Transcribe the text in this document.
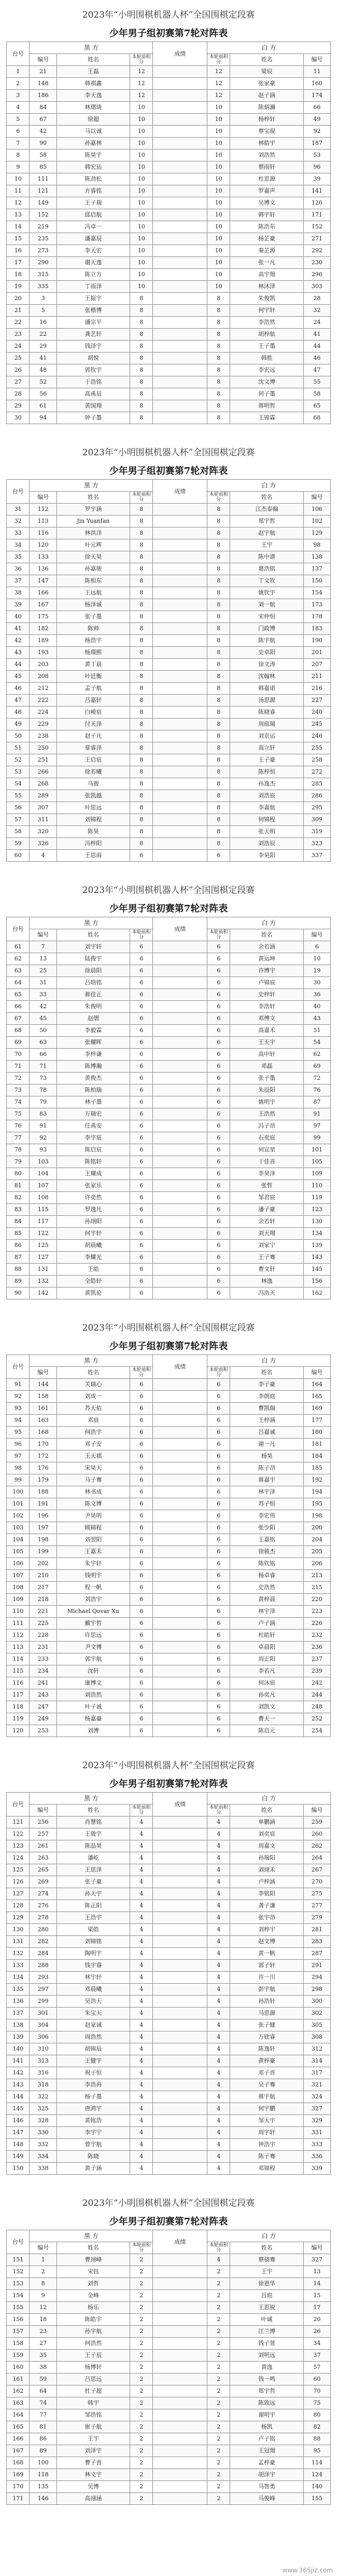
www.365jiz.com
2023年“小明围棋机器人杯”全国围棋定段赛
少年男子组初赛第7轮对阵表
台号	黑 方			成绩	白 方		
	编号	姓名	本轮前积分		本轮前积分	姓名	编号
1	21	王磊	12		12	梁辰	11
2	148	韩祺鑫	12		12	张家豪	160
3	186	李天逸	12		12	赵子涵	174
4	84	林熠琦	10		10	陈炳澜	66
5	67	徐超	10		10	杨梓轩	49
6	42	马以诚	10		10	蔡宝琨	92
7	90	孙嘉林	10		10	林皓宇	187
8	58	陈昊宇	10		10	刘浩然	53
9	85	韩宏运	10		10	蔡雨轩	96
10	111	陈劲松	10		10	杜思源	39
11	121	方睿铭	10		10	罗嘉声	141
12	149	王子瑞	10		10	吴博文	126
13	152	邱启航	10		10	韩宇轩	171
14	219	冯卓一	10		10	陈浩东	152
15	235	潘嘉辰	10		10	杨芷豪	271
16	273	李天宏	10		10	秦芷源	292
17	290	谢天逸	10		10	张一凡	230
18	315	陈立方	10		10	高宇翔	296
19	335	丁雨泽	10		10	林沐泽	303
20	3	王振宇	8		8	朱俊凯	28
21	5	张楷博	8		8	何宇轩	32
22	16	潘宗平	8		8	李浩然	24
23	22	龚艺轩	8		8	胡梓航	41
24	29	钱泽宇	8		8	王子墨	44
25	41	胡悦	8		8	韩胜	46
26	48	郭钦宇	8		8	李宏远	47
27	52	于浩铭	8		8	沈文博	55
28	56	高禹辰	8		8	何子墨	58
29	61	黄国翔	8		8	蒋明哲	65
30	94	钟子墨	8		8	王锦霖	68
2023年“小明围棋机器人杯”全国围棋定段赛
少年男子组初赛第7轮对阵表
台号	黑 方			成绩	白 方		
	编号	姓名	本轮前积分		本轮前积分	姓名	编号
31	112	罗宇涵	8		8	江杰泰翰	106
32	113	Jin Yuanfan	8		8	郑宇哲	102
33	116	林洪洋	8		8	赵宇航	129
34	120	叶元辉	8		8	王宇	98
35	133	徐天昊	8		8	陈中谱	138
36	136	孙嘉骏	8		8	葛浩铭	137
37	147	陈相东	8		8	丁文钦	150
38	166	王远航	8		8	姚钦宇	154
39	167	杨泽诚	8		8	刘一航	173
40	175	张子墨	8		8	宋仲恒	178
41	182	陈帅	8		8	门政博	183
42	189	杨浩宇	8		8	陈宇航	190
43	193	杨璟熙	8		8	史卓阳	201
44	203	黄丁晨	8		8	徐文涛	207
45	208	叶廷衡	8		8	沈翰林	211
46	212	孟子航	8		8	韩嘉诺	216
47	222	吕嘉轩	8		8	汤思源	227
48	224	白峻宸	8		8	陈晓睿	240
49	229	付天泽	8		8	周庭瑞	245
50	238	赵子凡	8		8	刘京运	246
51	250	章睿泽	8		8	高立轩	255
52	251	王启宸	8		8	王子豪	258
53	266	徐若曦	8		8	陈梓恒	272
54	268	马骏	8		8	孙逸杰	285
55	289	张凯越	8		8	刘浩宸	286
56	307	叶思远	8		8	李嘉航	295
57	311	刘锦程	8		8	何锦程	309
58	320	陈昊	8		8	张天明	319
59	326	冯梓阳	8		8	刘浩辰	323
60	4	王思雨	6		6	李昊阳	337
2023年“小明围棋机器人杯”全国围棋定段赛
少年男子组初赛第7轮对阵表
台号	黑 方			成绩	白 方		
	编号	姓名	本轮前积分		本轮前积分	姓名	编号
61	7	刘宇轩	6		6	余若涵	6
62	13	陆俊宇	6		6	黄运坤	10
63	25	徐晨阳	6		6	许博宇	19
64	31	吕晗铭	6		6	卢锦宸	30
65	33	郝佳正	6		6	史梓轩	36
66	42	朱俊明	6		6	李浩轩	40
67	45	赵熠	6		6	邓博文	43
68	50	李毅霖	6		6	高嘉禾	51
69	63	张耀晖	6		6	王天宇	54
70	66	李梓谦	6		6	高中轩	62
71	71	陈博瀚	6		6	邓磊	69
72	73	黄俊杰	6		6	张子墨	72
73	78	陈柏瑞	6		6	朱辰阳	76
74	79	林子墨	6		6	姚明宇	87
75	83	万瑞宏	6		6	王浩然	91
76	91	任禹安	6		6	冯子昂	97
77	92	李宇宸	6		6	石奕宸	99
78	93	陈启宸	6		6	何宣堃	101
79	103	陈铭轩	6		6	于佳音	105
80	104	王耀成	6		6	李昊泽	109
81	107	张家乐	6		6	张哲	110
82	108	许奕然	6		6	邹君宸	119
83	115	罗逸凡	6		6	潘子豪	123
84	117	孙翊阳	6		6	余若轩	130
85	122	何宇轩	6		6	刘天翔	134
86	125	胡晨曦	6		6	刘家宁	139
87	127	李耀光	6		6	王子骞	143
88	131	王皓	6		6	曹文轩	145
89	132	全皓轩	6		6	林逸	156
90	142	黄凯伦	6		6	冯浩天	162
2023年“小明围棋机器人杯”全国围棋定段赛
少年男子组初赛第7轮对阵表
台号	黑 方			成绩	白 方		
	编号	姓名	本轮前积分		本轮前积分	姓名	编号
91	144	关瑞心	6		6	李子豪	164
92	158	刘成一	6		6	李朗庭	165
93	161	苏天佑	6		6	曹凯瑞	169
94	163	邓宸	6		6	王梓涵	177
95	168	何浩宇	6		6	吕嘉诚	180
96	170	邓子安	6		6	谢一凡	181
97	172	王天祺	6		6	杨昊	184
98	176	宋昊天	6		6	陈子昂	185
99	179	马子骞	6		6	蒋嘉宇	192
100	188	林书成	6		6	林宇泽	194
101	191	陈文博	6		6	苏子恒	195
102	196	尹昊明	6		6	李宏伟	198
103	197	顾锦程	6		6	张少阳	200
104	198	刘翌阳	6		6	王嘉铭	204
105	199	王嘉禾	6		6	徐骏杰	205
106	202	朱宇轩	6		6	陈钦铭	206
107	210	钱明宇	6		6	杨卓睿	213
108	217	程一帆	6		6	史浩然	215
109	218	刘浩宇	6		6	黄梓晨	220
110	221	Michael Qovar Xu	6		6	林宇泽	223
111	225	戴宇哲	6		6	卢子涵	226
112	228	许思远	6		6	杜皓轩	232
113	231	尹文博	6		6	卓晨阳	236
114	233	郭宇航	6		6	周正阳	237
115	234	沈轩	6		6	李若凡	239
116	241	康博文	6		6	何沐宸	242
117	243	刘浩然	6		6	孙奕凡	244
118	247	叶子诚	6		6	刘凯文	248
119	249	杨嘉豪	6		6	曹天一	252
120	253	刘博	6		6	陈启元	254
2023年“小明围棋机器人杯”全国围棋定段赛
少年男子组初赛第7轮对阵表
台号	黑 方			成绩	白 方		
	编号	姓名	本轮前积分		本轮前积分	姓名	编号
121	256	肖慧铭	4		4	单鹏涵	259
122	257	王骏宇	4		4	刘奕宸	260
123	261	陈品昊	4		4	周嘉文	262
124	263	潘屹	4		4	孙瑞阳	264
125	265	王思泽	4		4	刘翊禾	267
126	269	张子豪	4		4	卢梓涵	270
127	274	孙天宇	4		4	李铭阳	275
128	276	陈正阳	4		4	龚子谦	277
129	278	王浩宇	4		4	张宇昂	279
130	280	梁皓	4		4	刘梓宇	281
131	282	刘锦铭	4		4	赵文博	283
132	284	陶明宇	4		4	黄一帆	287
133	288	钱宇睿	4		4	郭子轩	291
134	293	林宇轩	4		4	许一川	294
135	297	邓晨曦	4		4	彭宇航	298
136	299	吴浩天	4		4	孙浩轩	300
137	301	朱宝天	4		4	马思源	302
138	304	赵家诚	4		4	张子健	305
139	306	周浩然	4		4	万欣睿	308
140	310	胡锦辰	4		4	陈逸轩	312
141	313	王健宇	4		4	黄梓豪	314
142	316	祝子恒	4		4	邓子晋	317
143	318	李浩冉	4		4	吴子骞	321
144	322	杨子墨	4		4	蒋宇航	324
145	325	唐鸿宇	4		4	何宇鹏	327
146	328	黄铭浩	4		4	邹天宇	329
147	330	李宇宁	4		4	周宇轩	331
148	332	曾宇航	4		4	钟浩宇	333
149	334	陈晓	4		4	陈子骞	336
150	338	黄子涵	4		4	邓锦程	339
2023年“小明围棋机器人杯”全国围棋定段赛
少年男子组初赛第7轮对阵表
台号	黑 方			成绩	白 方		
	编号	姓名	本轮前积分		本轮前积分	姓名	编号
151	1	曹翊峰	2		4	蔡骁骞	327
152	2	宋钰	2		2	王宇	13
153	8	刘哲	2		2	徐恩华	14
154	9	金峰	2		2	吕庭	15
155	12	杨乐	2		2	王思锐	17
156	18	陈皓宇	2		2	叶诚	20
157	23	孙宇航	2		2	江兰博	26
158	27	何浩然	2		2	钱子萱	34
159	35	王子辰	2		2	刘明远	37
160	38	杨博轩	2		2	黄逸	57
161	59	吕思远	2		2	钱一鸣	60
162	64	杜子超	2		2	郑宇哲	70
163	74	韩宇	2		2	陈致远	75
164	77	邹浩铭	2		2	谢明宇	80
165	81	崔子航	2		2	杨凯	82
166	86	王宇	2		2	卢子铭	88
167	89	刘泽宇	2		2	王冠翔	95
168	100	曹子晋	2		2	孟梓豪	114
169	118	林文宇	2		2	胡泽宇	124
170	135	吴博	2		2	马智勇	140
171	146	高翊涵	2		2	马俊峰	155
